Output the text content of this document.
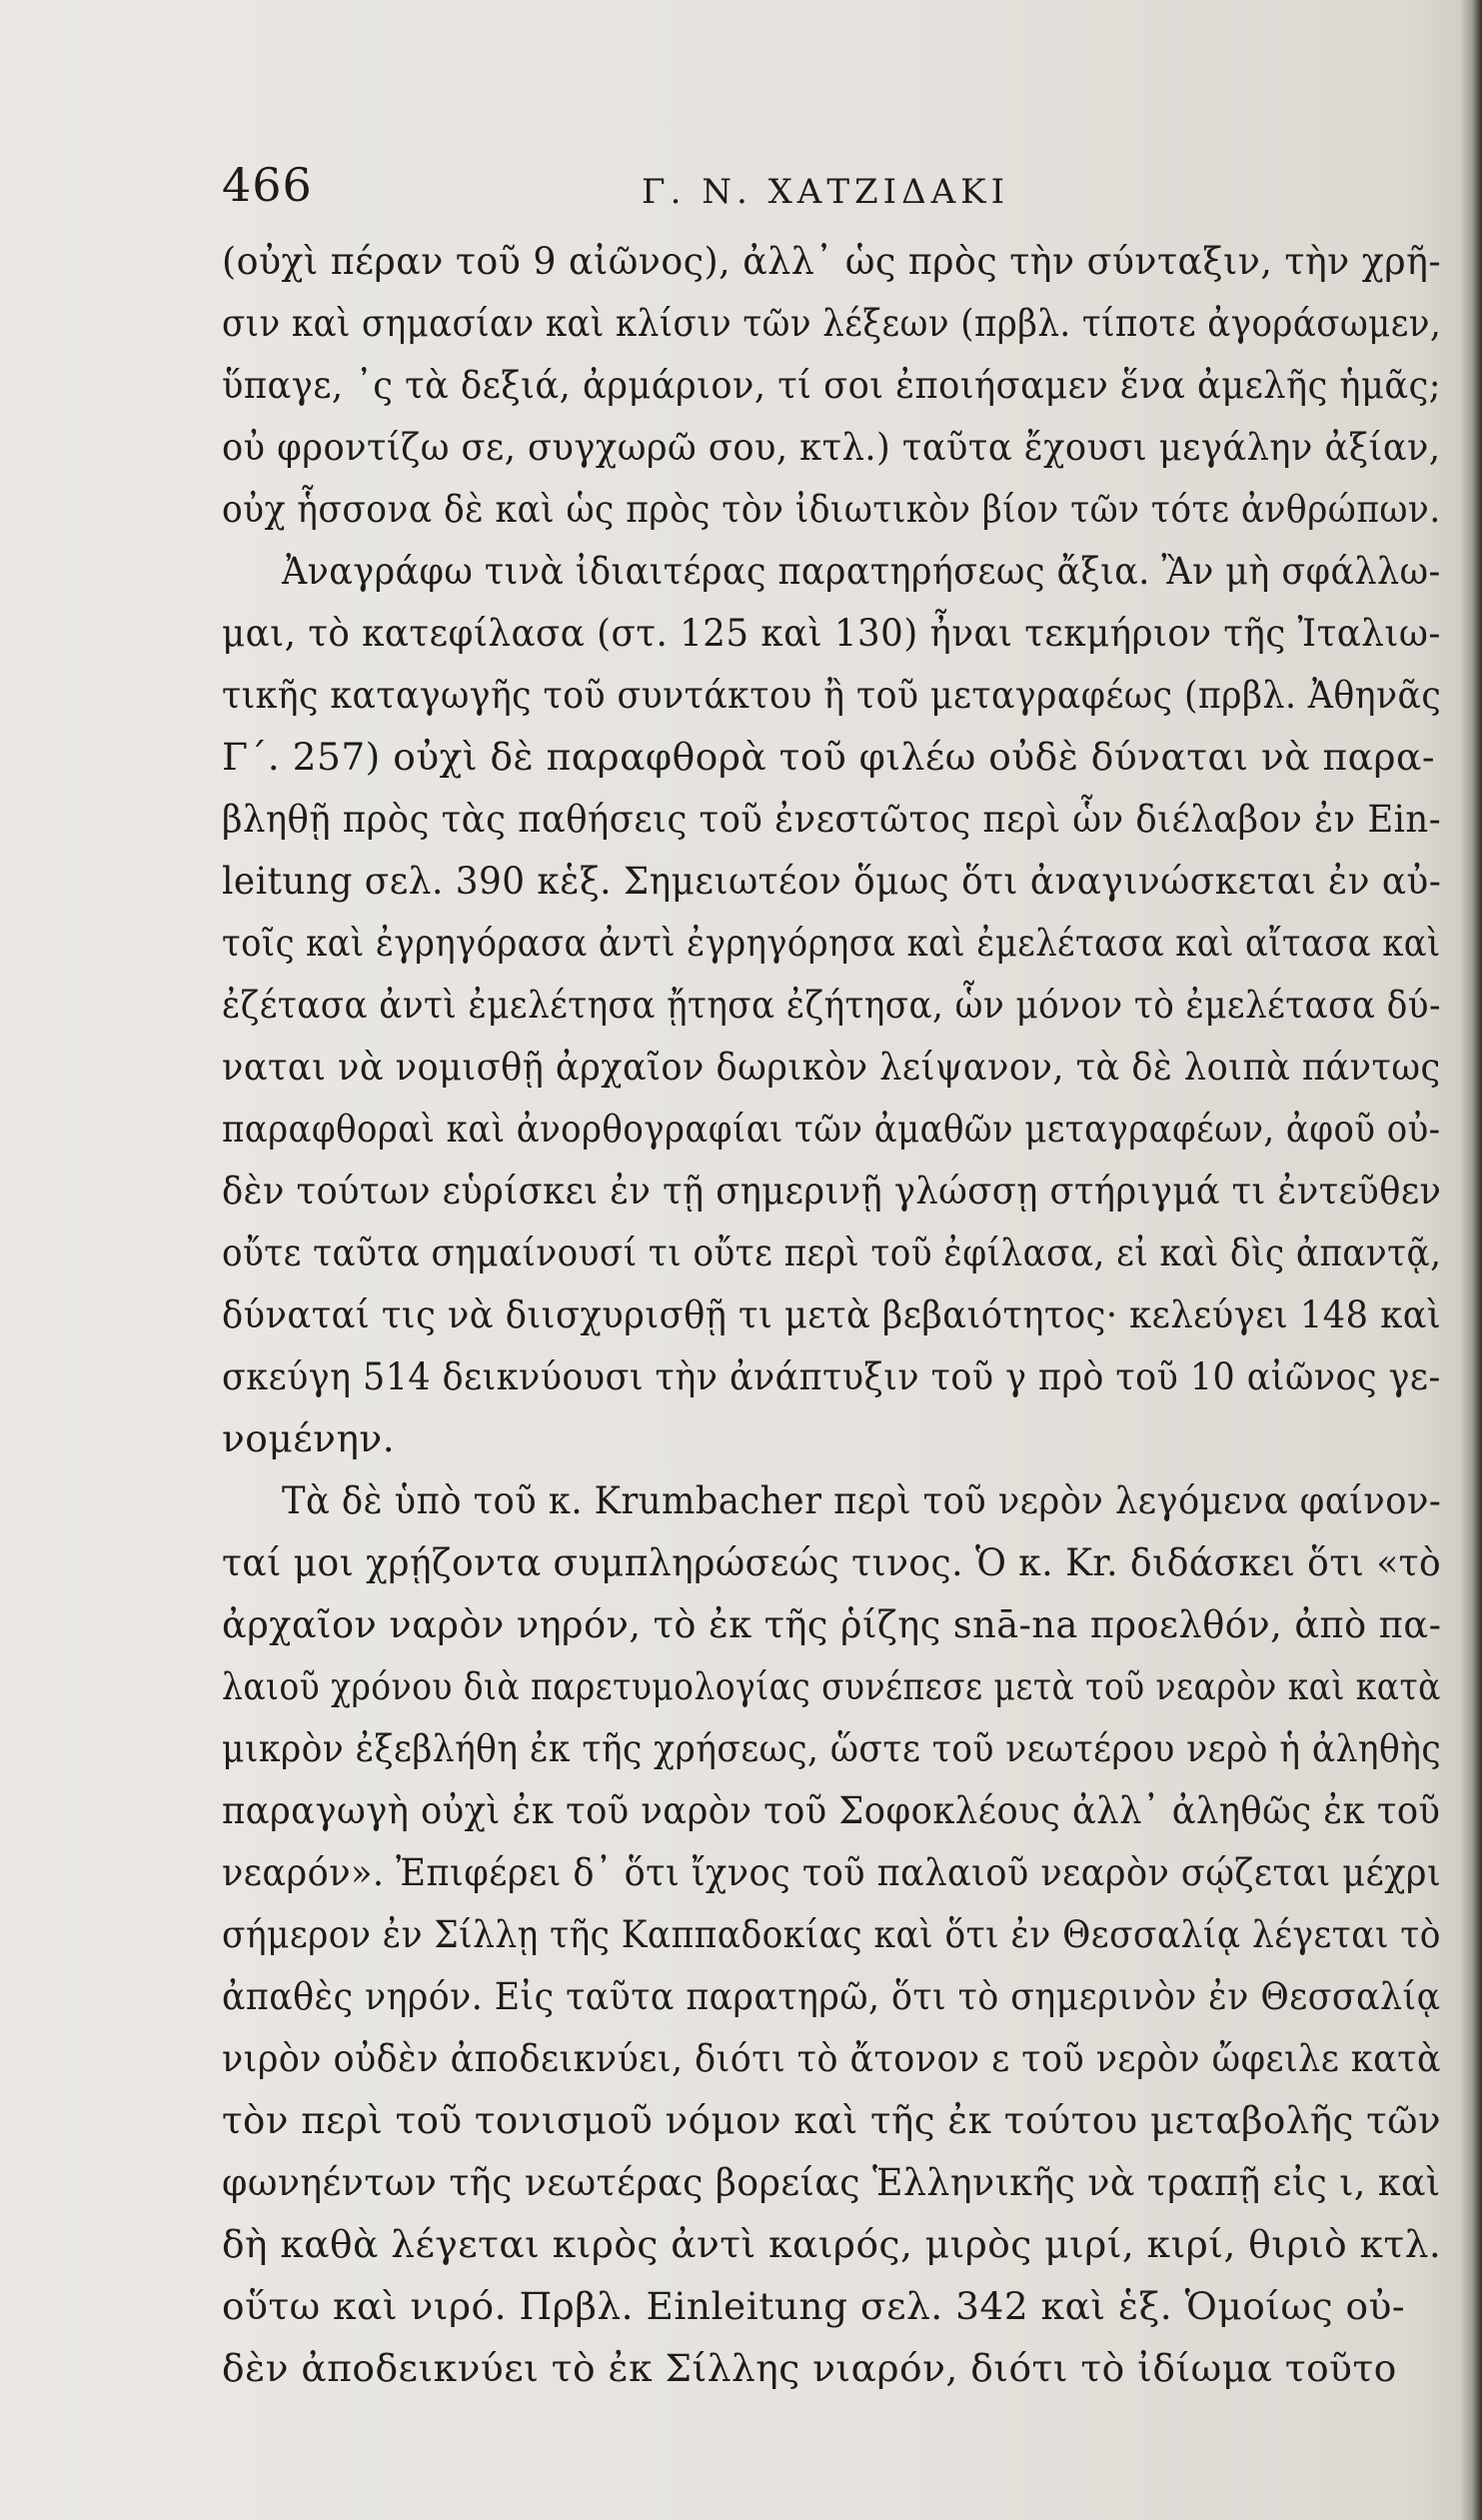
466	Γ. Ν. ΧΑΤΖΙΔΑΚΙ
(οὐχὶ πέραν τοῦ 9 αἰῶνος), ἀλλ᾽ ὡς πρὸς τὴν σύνταξιν, τὴν χρῆ-
σιν καὶ σημασίαν καὶ κλίσιν τῶν λέξεων (πρβλ. τίποτε ἀγοράσωμεν,
ὕπαγε, ᾽ς τὰ δεξιά, ἀρμάριον, τί σοι ἐποιήσαμεν ἕνα ἀμελῆς ἡμᾶς;
οὐ φροντίζω σε, συγχωρῶ σου, κτλ.) ταῦτα ἔχουσι μεγάλην ἀξίαν,
οὐχ ἧσσονα δὲ καὶ ὡς πρὸς τὸν ἰδιωτικὸν βίον τῶν τότε ἀνθρώπων.
Ἀναγράφω τινὰ ἰδιαιτέρας παρατηρήσεως ἄξια. Ἂν μὴ σφάλλω-
μαι, τὸ κατεφίλασα (στ. 125 καὶ 130) ἦναι τεκμήριον τῆς Ἰταλιω-
τικῆς καταγωγῆς τοῦ συντάκτου ἢ τοῦ μεταγραφέως (πρβλ. Ἀθηνᾶς
Γ΄. 257) οὐχὶ δὲ παραφθορὰ τοῦ φιλέω οὐδὲ δύναται νὰ παρα-
βληθῇ πρὸς τὰς παθήσεις τοῦ ἐνεστῶτος περὶ ὧν διέλαβον ἐν Ein-
leitung σελ. 390 κἑξ. Σημειωτέον ὅμως ὅτι ἀναγινώσκεται ἐν αὐ-
τοῖς καὶ ἐγρηγόρασα ἀντὶ ἐγρηγόρησα καὶ ἐμελέτασα καὶ αἴτασα καὶ
ἐζέτασα ἀντὶ ἐμελέτησα ᾔτησα ἐζήτησα, ὧν μόνον τὸ ἐμελέτασα δύ-
ναται νὰ νομισθῇ ἀρχαῖον δωρικὸν λείψανον, τὰ δὲ λοιπὰ πάντως
παραφθοραὶ καὶ ἀνορθογραφίαι τῶν ἀμαθῶν μεταγραφέων, ἀφοῦ οὐ-
δὲν τούτων εὑρίσκει ἐν τῇ σημερινῇ γλώσσῃ στήριγμά τι ἐντεῦθεν
οὔτε ταῦτα σημαίνουσί τι οὔτε περὶ τοῦ ἐφίλασα, εἰ καὶ δὶς ἀπαντᾷ,
δύναταί τις νὰ διισχυρισθῇ τι μετὰ βεβαιότητος· κελεύγει 148 καὶ
σκεύγη 514 δεικνύουσι τὴν ἀνάπτυξιν τοῦ γ πρὸ τοῦ 10 αἰῶνος γε-
νομένην.
Τὰ δὲ ὑπὸ τοῦ κ. Krumbacher περὶ τοῦ νερὸν λεγόμενα φαίνον-
ταί μοι χρῄζοντα συμπληρώσεώς τινος. Ὁ κ. Kr. διδάσκει ὅτι «τὸ
ἀρχαῖον ναρὸν νηρόν, τὸ ἐκ τῆς ῥίζης snā-na προελθόν, ἀπὸ πα-
λαιοῦ χρόνου διὰ παρετυμολογίας συνέπεσε μετὰ τοῦ νεαρὸν καὶ κατὰ
μικρὸν ἐξεβλήθη ἐκ τῆς χρήσεως, ὥστε τοῦ νεωτέρου νερὸ ἡ ἀληθὴς
παραγωγὴ οὐχὶ ἐκ τοῦ ναρὸν τοῦ Σοφοκλέους ἀλλ᾽ ἀληθῶς ἐκ τοῦ
νεαρόν». Ἐπιφέρει δ᾽ ὅτι ἴχνος τοῦ παλαιοῦ νεαρὸν σῴζεται μέχρι
σήμερον ἐν Σίλλῃ τῆς Καππαδοκίας καὶ ὅτι ἐν Θεσσαλίᾳ λέγεται τὸ
ἀπαθὲς νηρόν. Εἰς ταῦτα παρατηρῶ, ὅτι τὸ σημερινὸν ἐν Θεσσαλίᾳ
νιρὸν οὐδὲν ἀποδεικνύει, διότι τὸ ἄτονον ε τοῦ νερὸν ὤφειλε κατὰ
τὸν περὶ τοῦ τονισμοῦ νόμον καὶ τῆς ἐκ τούτου μεταβολῆς τῶν
φωνηέντων τῆς νεωτέρας βορείας Ἑλληνικῆς νὰ τραπῇ εἰς ι, καὶ
δὴ καθὰ λέγεται κιρὸς ἀντὶ καιρός, μιρὸς μιρί, κιρί, θιριὸ κτλ.
οὕτω καὶ νιρό. Πρβλ. Einleitung σελ. 342 καὶ ἑξ. Ὁμοίως οὐ-
δὲν ἀποδεικνύει τὸ ἐκ Σίλλης νιαρόν, διότι τὸ ἰδίωμα τοῦτο
